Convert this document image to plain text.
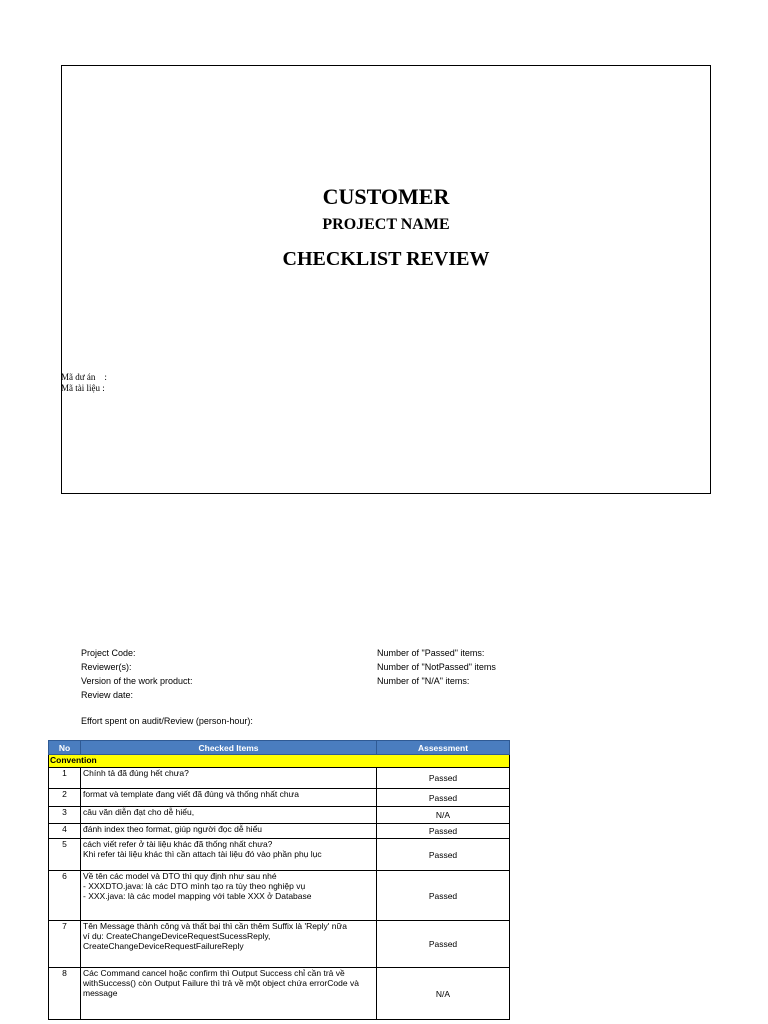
CUSTOMER
PROJECT NAME
CHECKLIST REVIEW
Mã dư án    :
Mã tài liệu :
Project Code:
Reviewer(s):
Version of the work product:
Review date:
Effort spent on audit/Review (person-hour):
Number of "Passed" items:
Number of "NotPassed" items
Number of "N/A" items:
No	Checked Items	Assessment
Convention		
1	Chính tả đã đúng hết chưa?	Passed
2	format và template đang viết đã đúng và thống nhất chưa	Passed
3	câu văn diễn đạt cho dễ hiểu,	N/A
4	đánh index theo format, giúp người đọc dễ hiểu	Passed
5	cách viết refer ở tài liệu khác đã thống nhất chưa?
Khi refer tài liệu khác thì cần attach tài liệu đó vào phần phụ lục	Passed
6	Về tên các model và DTO thì quy định như sau nhé
- XXXDTO.java: là các DTO mình tạo ra tùy theo nghiệp vụ
- XXX.java: là các model mapping với table XXX ở Database	Passed
7	Tên Message thành công và thất bại thì cần thêm Suffix là 'Reply' nữa
ví dụ: CreateChangeDeviceRequestSucessReply,
CreateChangeDeviceRequestFailureReply	Passed
8	Các Command cancel hoặc confirm thì Output Success chỉ cần trả về withSuccess() còn Output Failure thì trả về một object chứa errorCode và message	N/A
